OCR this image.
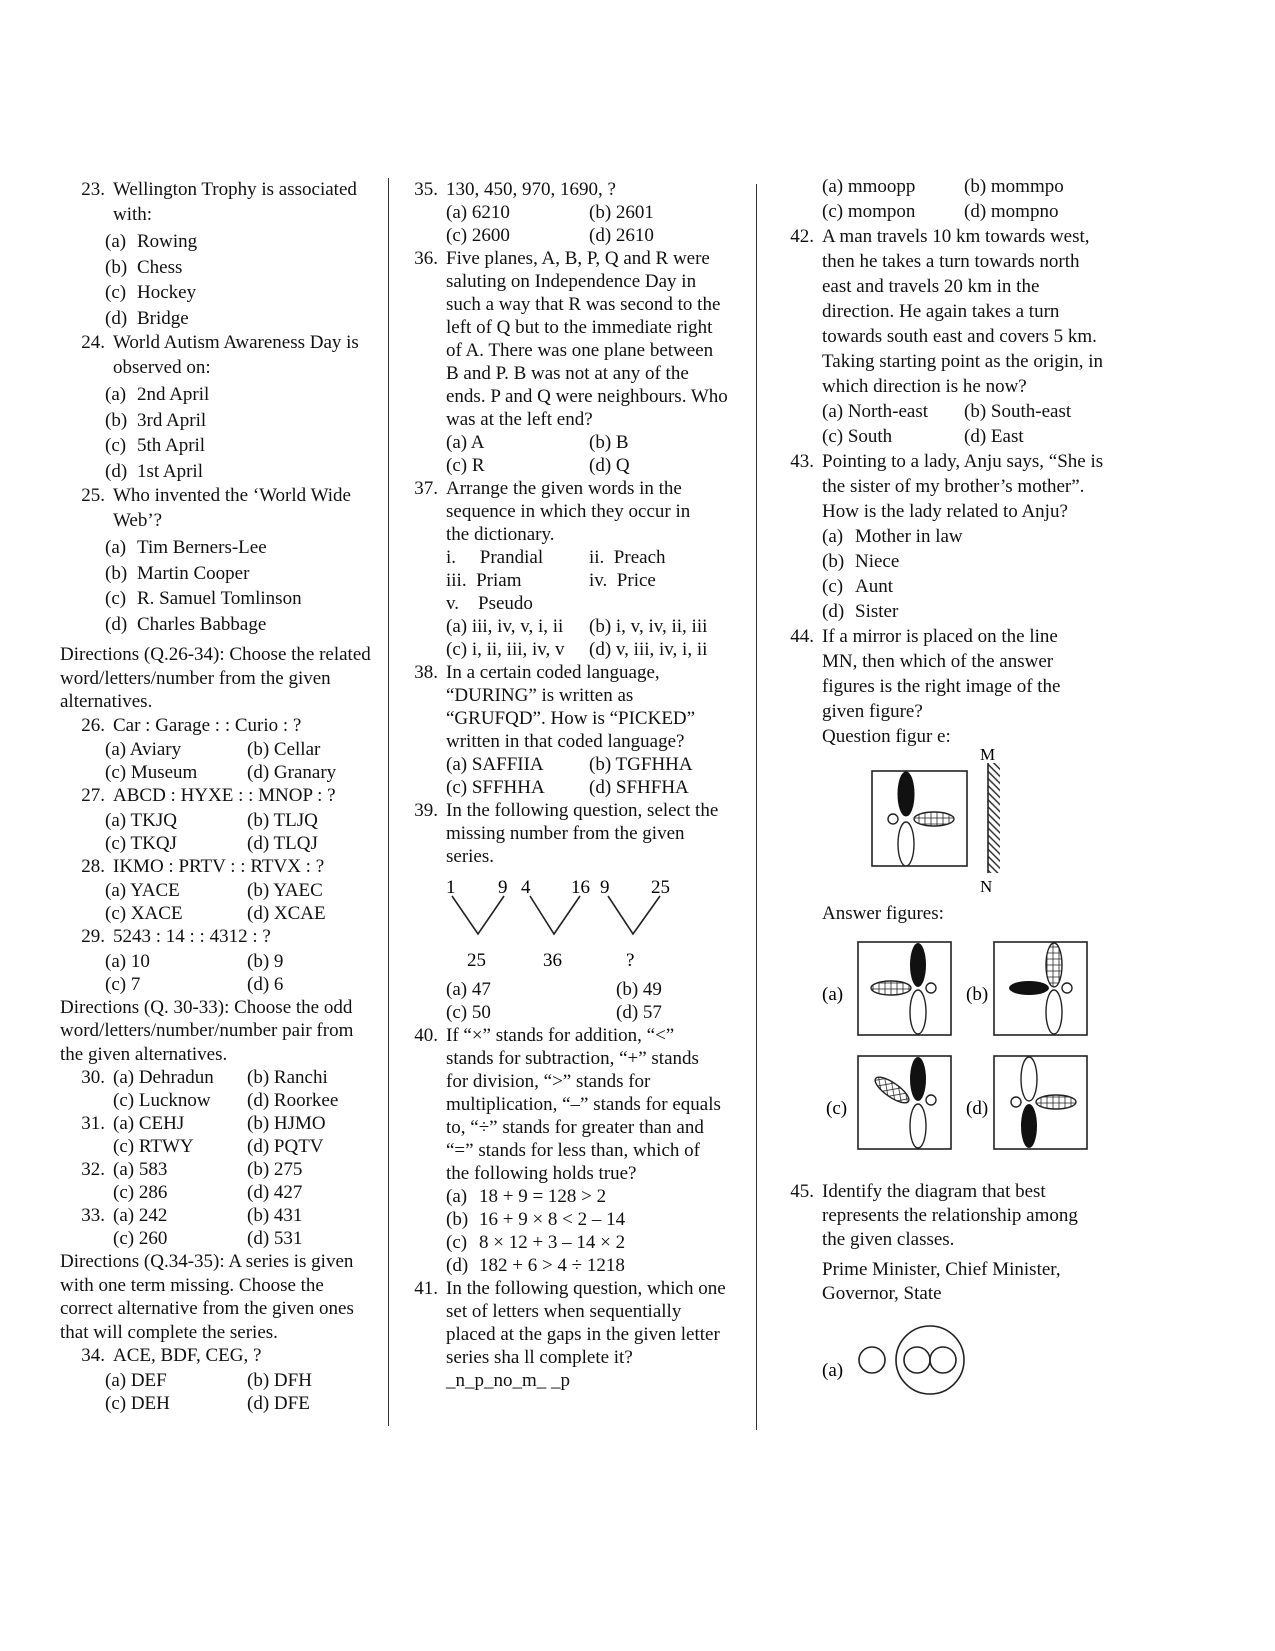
23. Wellington Trophy is associated with:
(a) Rowing
(b) Chess
(c) Hockey
(d) Bridge
24. World Autism Awareness Day is observed on:
(a) 2nd April
(b) 3rd April
(c) 5th April
(d) 1st April
25. Who invented the ‘World Wide Web’?
(a) Tim Berners-Lee
(b) Martin Cooper
(c) R. Samuel Tomlinson
(d) Charles Babbage
Directions (Q.26-34): Choose the related word/letters/number from the given alternatives.
26. Car : Garage : : Curio : ?
(a) Aviary	(b) Cellar
(c) Museum	(d) Granary
27. ABCD : HYXE : : MNOP : ?
(a) TKJQ	(b) TLJQ
(c) TKQJ	(d) TLQJ
28. IKMO : PRTV : : RTVX : ?
(a) YACE	(b) YAEC
(c) XACE	(d) XCAE
29. 5243 : 14 : : 4312 : ?
(a) 10	(b) 9
(c) 7	(d) 6
Directions (Q. 30-33): Choose the odd word/letters/number/number pair from the given alternatives.
30. (a) Dehradun	(b) Ranchi
(c) Lucknow	(d) Roorkee
31. (a) CEHJ	(b) HJMO
(c) RTWY	(d) PQTV
32. (a) 583	(b) 275
(c) 286	(d) 427
33. (a) 242	(b) 431
(c) 260	(d) 531
Directions (Q.34-35): A series is given with one term missing. Choose the correct alternative from the given ones that will complete the series.
34. ACE, BDF, CEG, ?
(a) DEF	(b) DFH
(c) DEH	(d) DFE
35. 130, 450, 970, 1690, ?
(a) 6210	(b) 2601
(c) 2600	(d) 2610
36. Five planes, A, B, P, Q and R were saluting on Independence Day in such a way that R was second to the left of Q but to the immediate right of A. There was one plane between B and P. B was not at any of the ends. P and Q were neighbours. Who was at the left end?
(a) A	(b) B
(c) R	(d) Q
37. Arrange the given words in the sequence in which they occur in the dictionary.
i.     Prandial	ii.  Preach
iii.  Priam	iv.  Price
v.    Pseudo
(a) iii, iv, v, i, ii	(b) i, v, iv, ii, iii
(c) i, ii, iii, iv, v	(d) v, iii, iv, i, ii
38. In a certain coded language, “DURING” is written as “GRUFQD”. How is “PICKED” written in that coded language?
(a) SAFFIIA	(b) TGFHHA
(c) SFFHHA	(d) SFHFHA
39. In the following question, select the missing number from the given series.
1 9 4 16 9 25
25	36	?
(a) 47	(b) 49
(c) 50	(d) 57
40. If “×” stands for addition, “<” stands for subtraction, “+” stands for division, “>” stands for multiplication, “–” stands for equals to, “÷” stands for greater than and “=” stands for less than, which of the following holds true?
(a) 18 + 9 = 128 > 2
(b) 16 + 9 × 8 < 2 – 14
(c) 8 × 12 + 3 – 14 × 2
(d) 182 + 6 > 4 ÷ 1218
41. In the following question, which one set of letters when sequentially placed at the gaps in the given letter series sha ll complete it?
_n_p_no_m_ _p
(a) mmoopp	(b) mommpo
(c) mompon	(d) mompno
42. A man travels 10 km towards west, then he takes a turn towards north east and travels 20 km in the direction. He again takes a turn towards south east and covers 5 km. Taking starting point as the origin, in which direction is he now?
(a) North-east	(b) South-east
(c) South	(d) East
43. Pointing to a lady, Anju says, “She is the sister of my brother’s mother”. How is the lady related to Anju?
(a) Mother in law
(b) Niece
(c) Aunt
(d) Sister
44. If a mirror is placed on the line MN, then which of the answer figures is the right image of the given figure?
Question figur e:
M
N
Answer figures:
(a)	(b)
(c)	(d)
45. Identify the diagram that best represents the relationship among the given classes.
Prime Minister, Chief Minister, Governor, State
(a)
